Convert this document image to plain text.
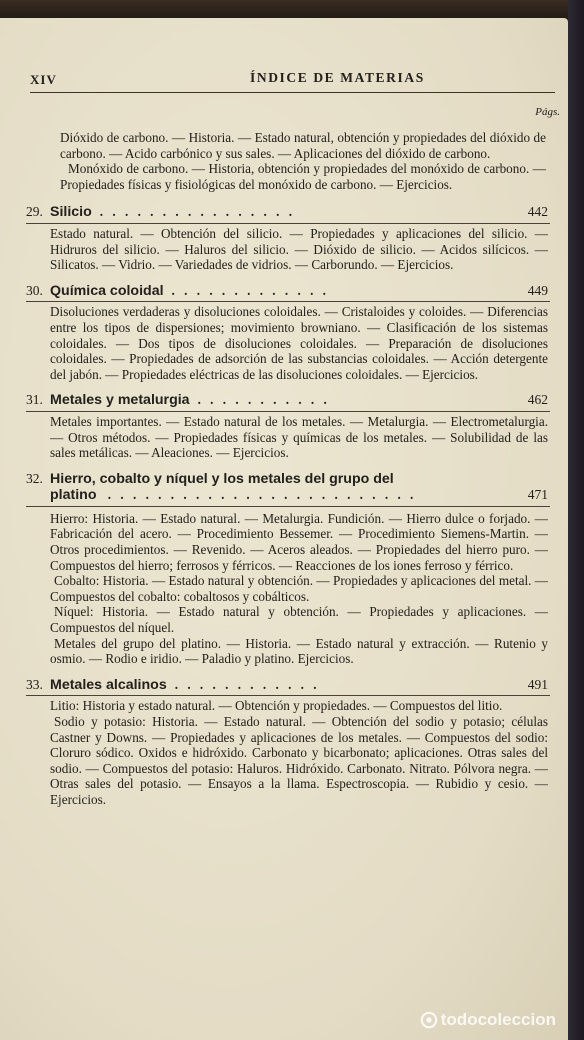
XIV	ÍNDICE DE MATERIAS
Págs.

Dióxido de carbono. — Historia. — Estado natural, obtención y propiedades del dióxido de carbono. — Acido carbónico y sus sales. — Aplicaciones del dióxido de carbono.

Monóxido de carbono. — Historia, obtención y propiedades del monóxido de carbono. — Propiedades físicas y fisiológicas del monóxido de carbono. — Ejercicios.

29. Silicio . . . . . . . . . . . . . . . .	442

Estado natural. — Obtención del silicio. — Propiedades y aplicaciones del silicio. — Hidruros del silicio. — Haluros del silicio. — Dióxido de silicio. — Acidos silícicos. — Silicatos. — Vidrio. — Variedades de vidrios. — Carborundo. — Ejercicios.

30. Química coloidal . . . . . . . . . . . . .	449

Disoluciones verdaderas y disoluciones coloidales. — Cristaloides y coloides. — Diferencias entre los tipos de dispersiones; movimiento browniano. — Clasificación de los sistemas coloidales. — Dos tipos de disoluciones coloidales. — Preparación de disoluciones coloidales. — Propiedades de adsorción de las substancias coloidales. — Acción detergente del jabón. — Propiedades eléctricas de las disoluciones coloidales. — Ejercicios.

31. Metales y metalurgia . . . . . . . . . . .	462

Metales importantes. — Estado natural de los metales. — Metalurgia. — Electrometalurgia. — Otros métodos. — Propiedades físicas y químicas de los metales. — Solubilidad de las sales metálicas. — Aleaciones. — Ejercicios.

32. Hierro, cobalto y níquel y los metales del grupo del
platino . . . . . . . . . . . . . . . . . . . . . . . . .	471

Hierro: Historia. — Estado natural. — Metalurgia. Fundición. — Hierro dulce o forjado. — Fabricación del acero. — Procedimiento Bessemer. — Procedimiento Siemens-Martin. — Otros procedimientos. — Revenido. — Aceros aleados. — Propiedades del hierro puro. — Compuestos del hierro; ferrosos y férricos. — Reacciones de los iones ferroso y férrico.

Cobalto: Historia. — Estado natural y obtención. — Propiedades y aplicaciones del metal. — Compuestos del cobalto: cobaltosos y cobálticos.

Níquel: Historia. — Estado natural y obtención. — Propiedades y aplicaciones. — Compuestos del níquel.

Metales del grupo del platino. — Historia. — Estado natural y extracción. — Rutenio y osmio. — Rodio e iridio. — Paladio y platino. Ejercicios.

33. Metales alcalinos . . . . . . . . . . . .	491

Litio: Historia y estado natural. — Obtención y propiedades. — Compuestos del litio.

Sodio y potasio: Historia. — Estado natural. — Obtención del sodio y potasio; células Castner y Downs. — Propiedades y aplicaciones de los metales. — Compuestos del sodio: Cloruro sódico. Oxidos e hidróxido. Carbonato y bicarbonato; aplicaciones. Otras sales del sodio. — Compuestos del potasio: Haluros. Hidróxido. Carbonato. Nitrato. Pólvora negra. — Otras sales del potasio. — Ensayos a la llama. Espectroscopia. — Rubidio y cesio. — Ejercicios.

todocoleccion
